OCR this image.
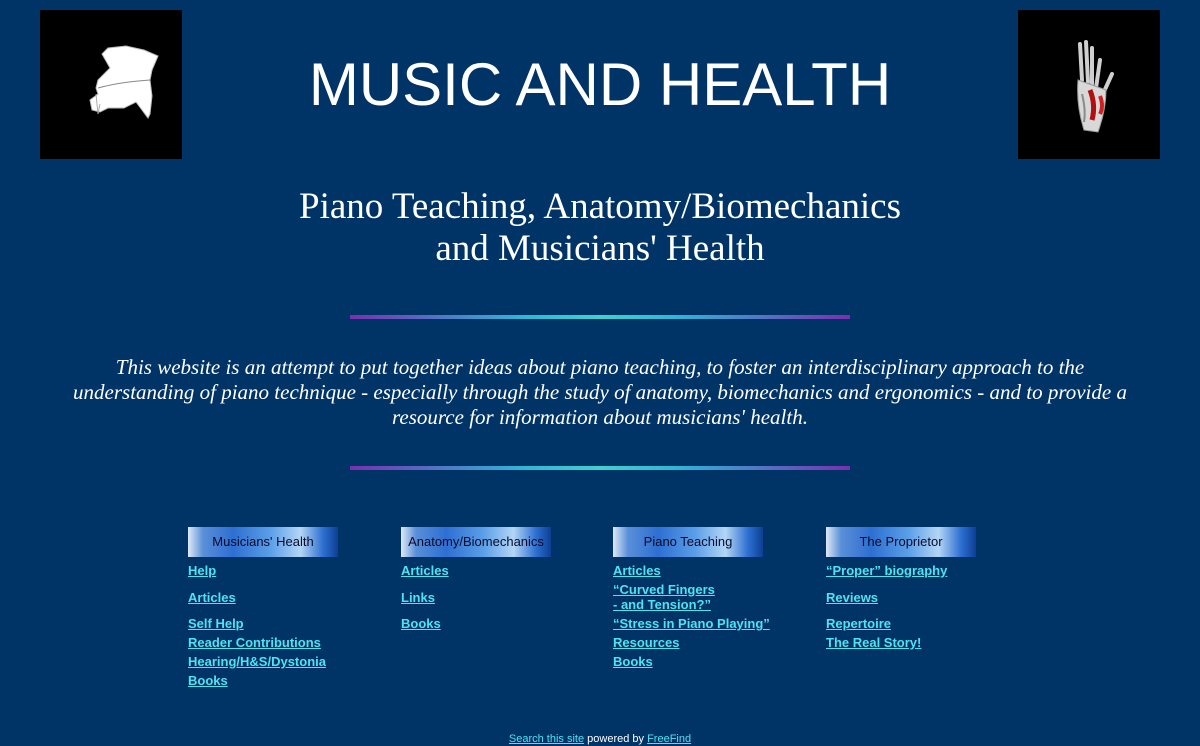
MUSIC AND HEALTH
Piano Teaching, Anatomy/Biomechanics
and Musicians' Health

This website is an attempt to put together ideas about piano teaching, to foster an interdisciplinary approach to the understanding of piano technique - especially through the study of anatomy, biomechanics and ergonomics - and to provide a resource for information about musicians' health.

Musicians' Health
Help
Articles
Self Help
Reader Contributions
Hearing/H&S/Dystonia
Books
Anatomy/Biomechanics
Articles
Links
Books
Piano Teaching
Articles
“Curved Fingers
- and Tension?”
“Stress in Piano Playing”
Resources
Books
The Proprietor
“Proper” biography
Reviews
Repertoire
The Real Story!
Search this site powered by FreeFind
